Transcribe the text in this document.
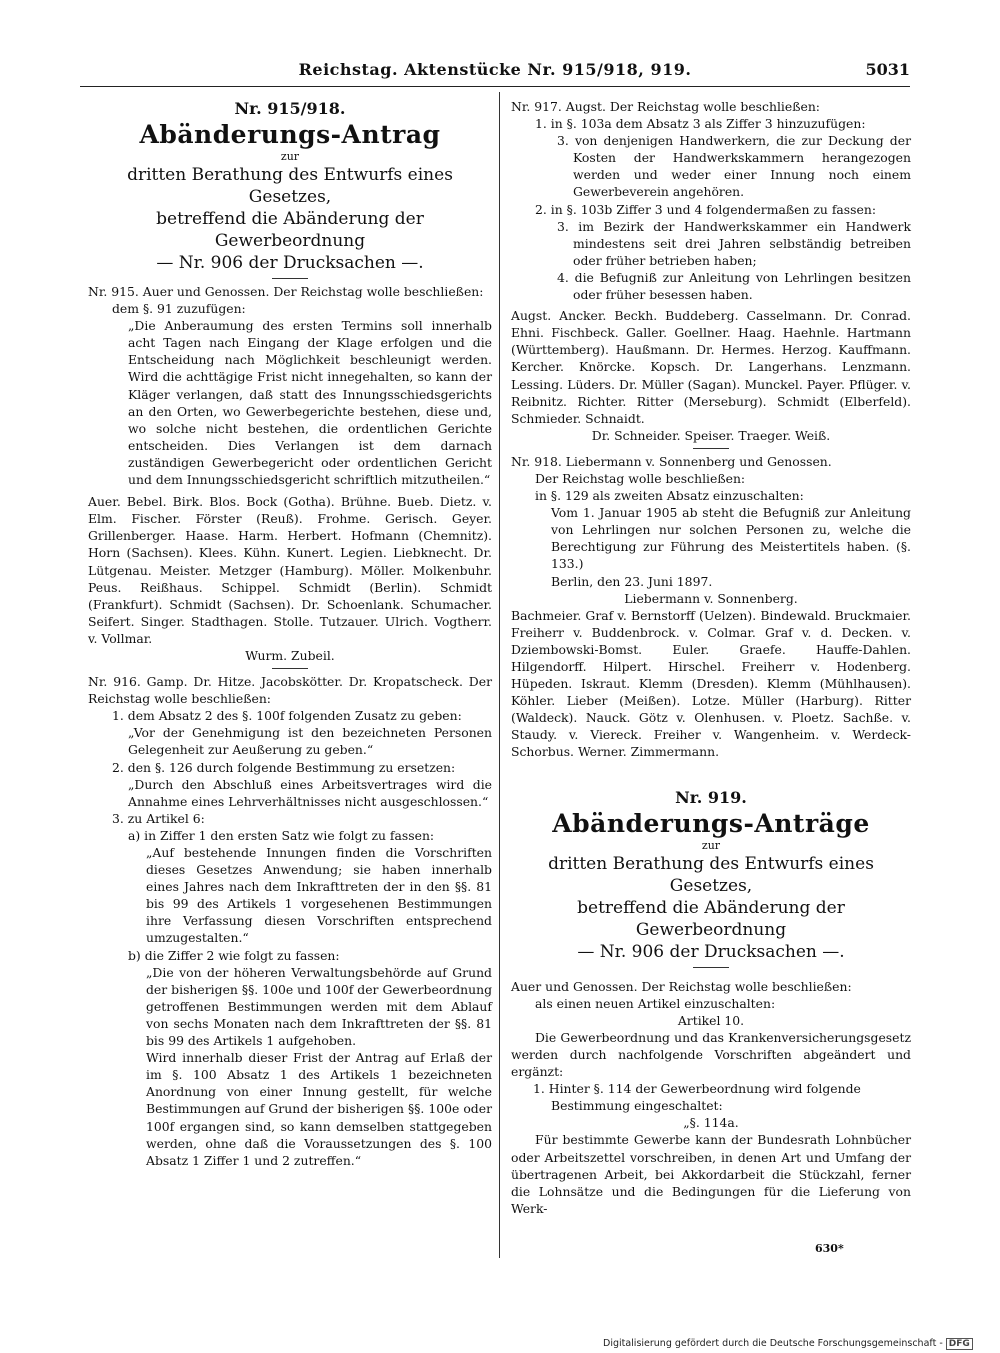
Reichstag. Aktenstücke Nr. 915/918, 919.	5031

Nr. 915/918.

Abänderungs-Antrag

zur

dritten Berathung des Entwurfs eines Gesetzes,

betreffend die Abänderung der Gewerbeordnung

— Nr. 906 der Drucksachen —.

Nr. 915. Auer und Genossen. Der Reichstag wolle beschließen:

dem §. 91 zuzufügen:

„Die Anberaumung des ersten Termins soll innerhalb acht Tagen nach Eingang der Klage erfolgen und die Entscheidung nach Möglichkeit beschleunigt werden. Wird die achttägige Frist nicht innegehalten, so kann der Kläger verlangen, daß statt des Innungsschiedsgerichts an den Orten, wo Gewerbegerichte bestehen, diese und, wo solche nicht bestehen, die ordentlichen Gerichte entscheiden. Dies Verlangen ist dem darnach zuständigen Gewerbegericht oder ordentlichen Gericht und dem Innungsschiedsgericht schriftlich mitzutheilen.“

Auer. Bebel. Birk. Blos. Bock (Gotha). Brühne. Bueb. Dietz. v. Elm. Fischer. Förster (Reuß). Frohme. Gerisch. Geyer. Grillenberger. Haase. Harm. Herbert. Hofmann (Chemnitz). Horn (Sachsen). Klees. Kühn. Kunert. Legien. Liebknecht. Dr. Lütgenau. Meister. Metzger (Hamburg). Möller. Molkenbuhr. Peus. Reißhaus. Schippel. Schmidt (Berlin). Schmidt (Frankfurt). Schmidt (Sachsen). Dr. Schoenlank. Schumacher. Seifert. Singer. Stadthagen. Stolle. Tutzauer. Ulrich. Vogtherr. v. Vollmar.

Wurm. Zubeil.

Nr. 916. Gamp. Dr. Hitze. Jacobskötter. Dr. Kropatscheck. Der Reichstag wolle beschließen:

1. dem Absatz 2 des §. 100f folgenden Zusatz zu geben:

„Vor der Genehmigung ist den bezeichneten Personen Gelegenheit zur Aeußerung zu geben.“

2. den §. 126 durch folgende Bestimmung zu ersetzen:

„Durch den Abschluß eines Arbeitsvertrages wird die Annahme eines Lehrverhältnisses nicht ausgeschlossen.“

3. zu Artikel 6:

a) in Ziffer 1 den ersten Satz wie folgt zu fassen:

„Auf bestehende Innungen finden die Vorschriften dieses Gesetzes Anwendung; sie haben innerhalb eines Jahres nach dem Inkrafttreten der in den §§. 81 bis 99 des Artikels 1 vorgesehenen Bestimmungen ihre Verfassung diesen Vorschriften entsprechend umzugestalten.“

b) die Ziffer 2 wie folgt zu fassen:

„Die von der höheren Verwaltungsbehörde auf Grund der bisherigen §§. 100e und 100f der Gewerbeordnung getroffenen Bestimmungen werden mit dem Ablauf von sechs Monaten nach dem Inkrafttreten der §§. 81 bis 99 des Artikels 1 aufgehoben.

Wird innerhalb dieser Frist der Antrag auf Erlaß der im §. 100 Absatz 1 des Artikels 1 bezeichneten Anordnung von einer Innung gestellt, für welche Bestimmungen auf Grund der bisherigen §§. 100e oder 100f ergangen sind, so kann demselben stattgegeben werden, ohne daß die Voraussetzungen des §. 100 Absatz 1 Ziffer 1 und 2 zutreffen.“

Nr. 917. Augst. Der Reichstag wolle beschließen:

1. in §. 103a dem Absatz 3 als Ziffer 3 hinzuzufügen:

3. von denjenigen Handwerkern, die zur Deckung der Kosten der Handwerkskammern herangezogen werden und weder einer Innung noch einem Gewerbeverein angehören.

2. in §. 103b Ziffer 3 und 4 folgendermaßen zu fassen:

3. im Bezirk der Handwerkskammer ein Handwerk mindestens seit drei Jahren selbständig betreiben oder früher betrieben haben;

4. die Befugniß zur Anleitung von Lehrlingen besitzen oder früher besessen haben.

Augst. Ancker. Beckh. Buddeberg. Casselmann. Dr. Conrad. Ehni. Fischbeck. Galler. Goellner. Haag. Haehnle. Hartmann (Württemberg). Haußmann. Dr. Hermes. Herzog. Kauffmann. Kercher. Knörcke. Kopsch. Dr. Langerhans. Lenzmann. Lessing. Lüders. Dr. Müller (Sagan). Munckel. Payer. Pflüger. v. Reibnitz. Richter. Ritter (Merseburg). Schmidt (Elberfeld). Schmieder. Schnaidt.

Dr. Schneider. Speiser. Traeger. Weiß.

Nr. 918. Liebermann v. Sonnenberg und Genossen.

Der Reichstag wolle beschließen:

in §. 129 als zweiten Absatz einzuschalten:

Vom 1. Januar 1905 ab steht die Befugniß zur Anleitung von Lehrlingen nur solchen Personen zu, welche die Berechtigung zur Führung des Meistertitels haben. (§. 133.)

Berlin, den 23. Juni 1897.

Liebermann v. Sonnenberg.

Bachmeier. Graf v. Bernstorff (Uelzen). Bindewald. Bruckmaier. Freiherr v. Buddenbrock. v. Colmar. Graf v. d. Decken. v. Dziembowski-Bomst. Euler. Graefe. Hauffe-Dahlen. Hilgendorff. Hilpert. Hirschel. Freiherr v. Hodenberg. Hüpeden. Iskraut. Klemm (Dresden). Klemm (Mühlhausen). Köhler. Lieber (Meißen). Lotze. Müller (Harburg). Ritter (Waldeck). Nauck. Götz v. Olenhusen. v. Ploetz. Sachße. v. Staudy. v. Viereck. Freiher v. Wangenheim. v. Werdeck-Schorbus. Werner. Zimmermann.

Nr. 919.

Abänderungs-Anträge

zur

dritten Berathung des Entwurfs eines Gesetzes,

betreffend die Abänderung der Gewerbeordnung

— Nr. 906 der Drucksachen —.

Auer und Genossen. Der Reichstag wolle beschließen:

als einen neuen Artikel einzuschalten:

Artikel 10.

Die Gewerbeordnung und das Krankenversicherungsgesetz werden durch nachfolgende Vorschriften abgeändert und ergänzt:

1. Hinter §. 114 der Gewerbeordnung wird folgende Bestimmung eingeschaltet:

„§. 114a.

Für bestimmte Gewerbe kann der Bundesrath Lohnbücher oder Arbeitszettel vorschreiben, in denen Art und Umfang der übertragenen Arbeit, bei Akkordarbeit die Stückzahl, ferner die Lohnsätze und die Bedingungen für die Lieferung von Werk-

630*
Digitalisierung gefördert durch die Deutsche Forschungsgemeinschaft - DFG
